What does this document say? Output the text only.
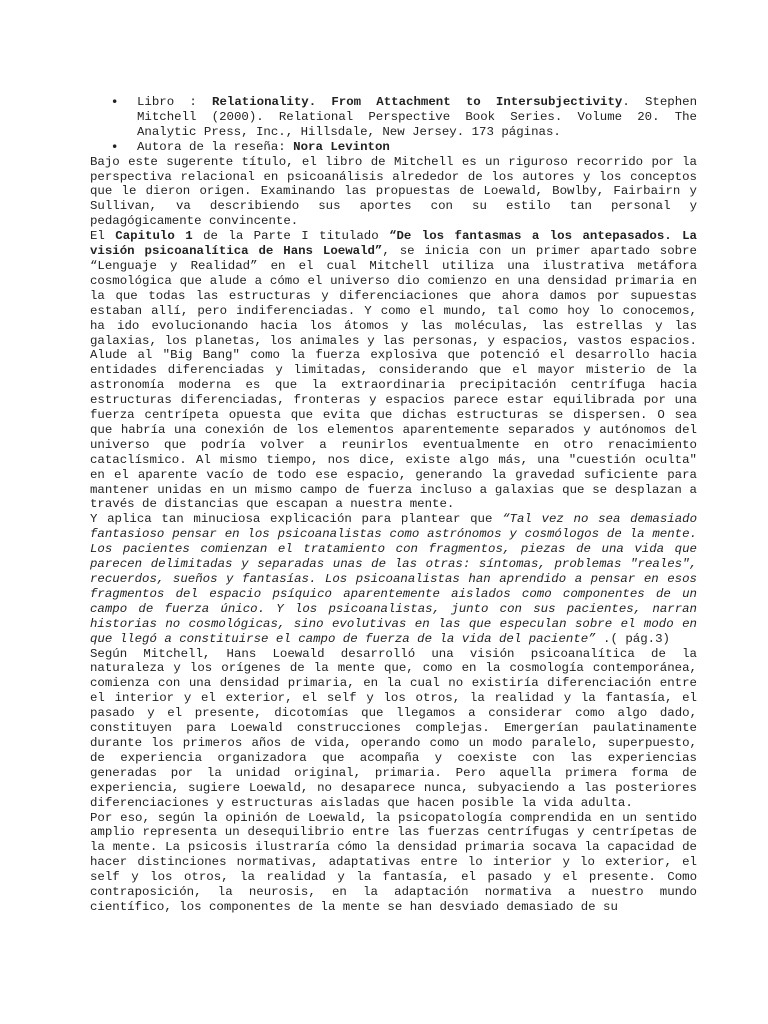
• Libro : Relationality. From Attachment to Intersubjectivity. Stephen Mitchell (2000). Relational Perspective Book Series. Volume 20. The Analytic Press, Inc., Hillsdale, New Jersey. 173 páginas.
• Autora de la reseña: Nora Levinton

Bajo este sugerente título, el libro de Mitchell es un riguroso recorrido por la perspectiva relacional en psicoanálisis alrededor de los autores y los conceptos que le dieron origen. Examinando las propuestas de Loewald, Bowlby, Fairbairn y Sullivan, va describiendo sus aportes con su estilo tan personal y pedagógicamente convincente.

El Capitulo 1 de la Parte I titulado “De los fantasmas a los antepasados. La visión psicoanalítica de Hans Loewald”, se inicia con un primer apartado sobre “Lenguaje y Realidad” en el cual Mitchell utiliza una ilustrativa metáfora cosmológica que alude a cómo el universo dio comienzo en una densidad primaria en la que todas las estructuras y diferenciaciones que ahora damos por supuestas estaban allí, pero indiferenciadas. Y como el mundo, tal como hoy lo conocemos, ha ido evolucionando hacia los átomos y las moléculas, las estrellas y las galaxias, los planetas, los animales y las personas, y espacios, vastos espacios. Alude al "Big Bang" como la fuerza explosiva que potenció el desarrollo hacia entidades diferenciadas y limitadas, considerando que el mayor misterio de la astronomía moderna es que la extraordinaria precipitación centrífuga hacia estructuras diferenciadas, fronteras y espacios parece estar equilibrada por una fuerza centrípeta opuesta que evita que dichas estructuras se dispersen. O sea que habría una conexión de los elementos aparentemente separados y autónomos del universo que podría volver a reunirlos eventualmente en otro renacimiento cataclísmico. Al mismo tiempo, nos dice, existe algo más, una "cuestión oculta" en el aparente vacío de todo ese espacio, generando la gravedad suficiente para mantener unidas en un mismo campo de fuerza incluso a galaxias que se desplazan a través de distancias que escapan a nuestra mente.

Y aplica tan minuciosa explicación para plantear que “Tal vez no sea demasiado fantasioso pensar en los psicoanalistas como astrónomos y cosmólogos de la mente. Los pacientes comienzan el tratamiento con fragmentos, piezas de una vida que parecen delimitadas y separadas unas de las otras: síntomas, problemas "reales", recuerdos, sueños y fantasías. Los psicoanalistas han aprendido a pensar en esos fragmentos del espacio psíquico aparentemente aislados como componentes de un campo de fuerza único. Y los psicoanalistas, junto con sus pacientes, narran historias no cosmológicas, sino evolutivas en las que especulan sobre el modo en que llegó a constituirse el campo de fuerza de la vida del paciente” .( pág.3)

Según Mitchell, Hans Loewald desarrolló una visión psicoanalítica de la naturaleza y los orígenes de la mente que, como en la cosmología contemporánea, comienza con una densidad primaria, en la cual no existiría diferenciación entre el interior y el exterior, el self y los otros, la realidad y la fantasía, el pasado y el presente, dicotomías que llegamos a considerar como algo dado, constituyen para Loewald construcciones complejas. Emergerían paulatinamente durante los primeros años de vida, operando como un modo paralelo, superpuesto, de experiencia organizadora que acompaña y coexiste con las experiencias generadas por la unidad original, primaria. Pero aquella primera forma de experiencia, sugiere Loewald, no desaparece nunca, subyaciendo a las posteriores diferenciaciones y estructuras aisladas que hacen posible la vida adulta.

Por eso, según la opinión de Loewald, la psicopatología comprendida en un sentido amplio representa un desequilibrio entre las fuerzas centrífugas y centrípetas de la mente. La psicosis ilustraría cómo la densidad primaria socava la capacidad de hacer distinciones normativas, adaptativas entre lo interior y lo exterior, el self y los otros, la realidad y la fantasía, el pasado y el presente. Como contraposición, la neurosis, en la adaptación normativa a nuestro mundo científico, los componentes de la mente se han desviado demasiado de su
